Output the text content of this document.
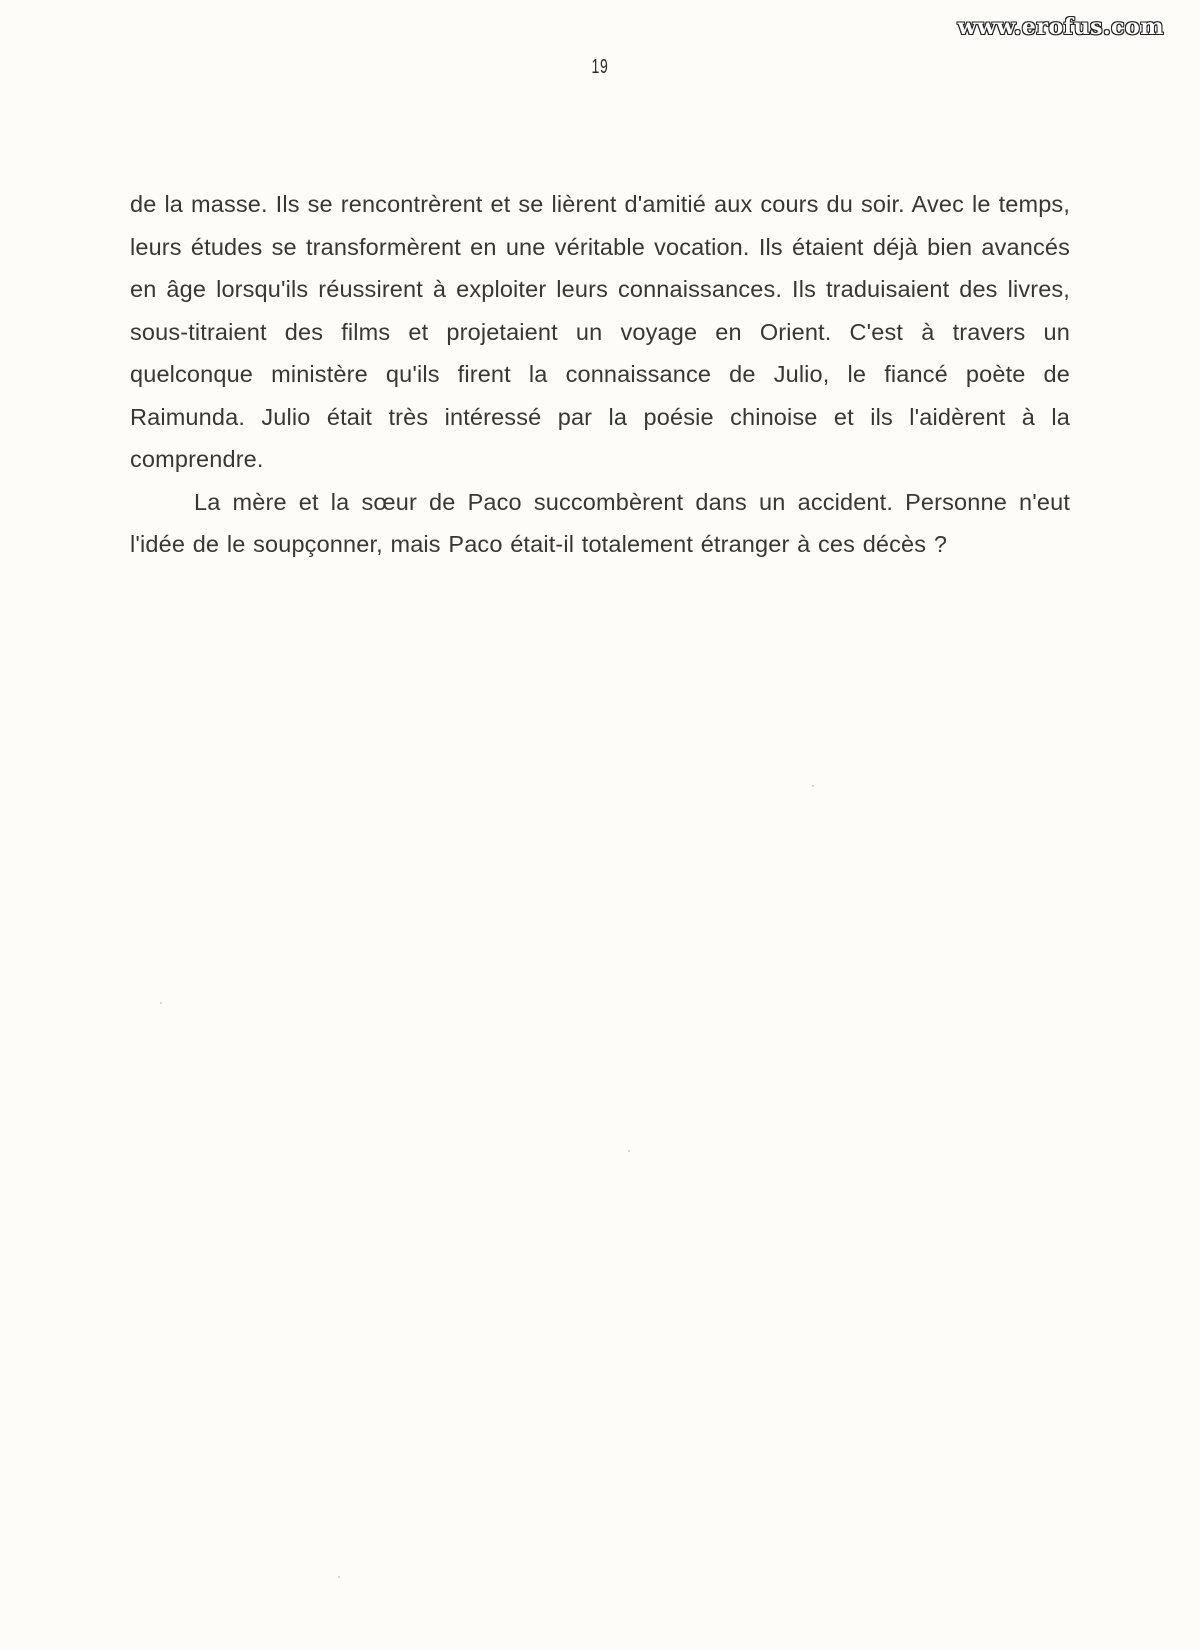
www.erofus.com
19

de la masse. Ils se rencontrèrent et se lièrent d'amitié aux cours du soir. Avec le temps, leurs études se transformèrent en une véritable vocation. Ils étaient déjà bien avancés en âge lorsqu'ils réussirent à exploiter leurs connaissances. Ils traduisaient des livres, sous-titraient des films et projetaient un voyage en Orient. C'est à travers un quelconque ministère qu'ils firent la connaissance de Julio, le fiancé poète de Raimunda. Julio était très intéressé par la poésie chinoise et ils l'aidèrent à la comprendre.

La mère et la sœur de Paco succombèrent dans un accident. Personne n'eut l'idée de le soupçonner, mais Paco était-il totalement étranger à ces décès ?
